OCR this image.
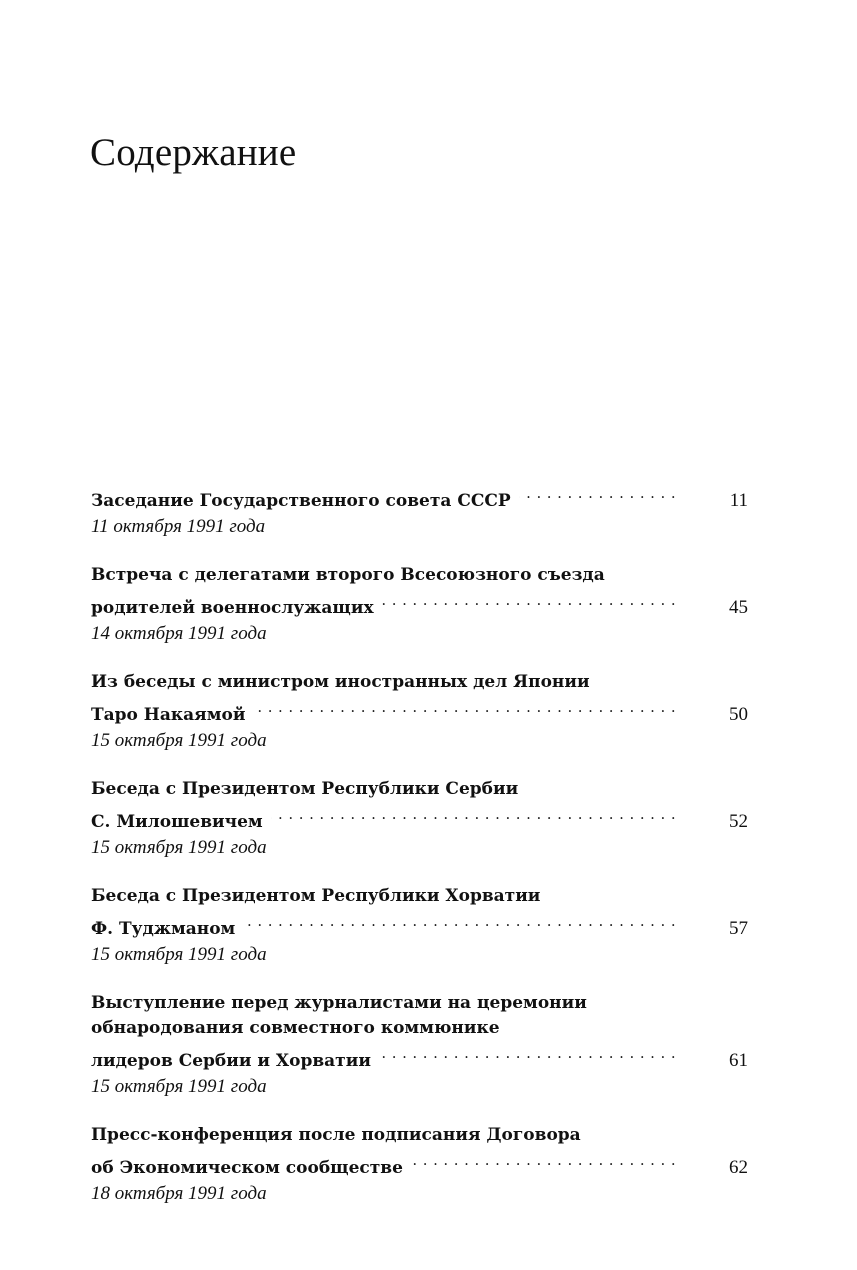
Содержание
Заседание Государственного совета СССР . . .	11
11 октября 1991 года
Встреча с делегатами второго Всесоюзного съезда
родителей военнослужащих . . .	45
14 октября 1991 года
Из беседы с министром иностранных дел Японии
Таро Накаямой . . .	50
15 октября 1991 года
Беседа с Президентом Республики Сербии
С. Милошевичем . . .	52
15 октября 1991 года
Беседа с Президентом Республики Хорватии
Ф. Туджманом . . .	57
15 октября 1991 года
Выступление перед журналистами на церемонии
обнародования совместного коммюнике
лидеров Сербии и Хорватии . . .	61
15 октября 1991 года
Пресс-конференция после подписания Договора
об Экономическом сообществе . . .	62
18 октября 1991 года
